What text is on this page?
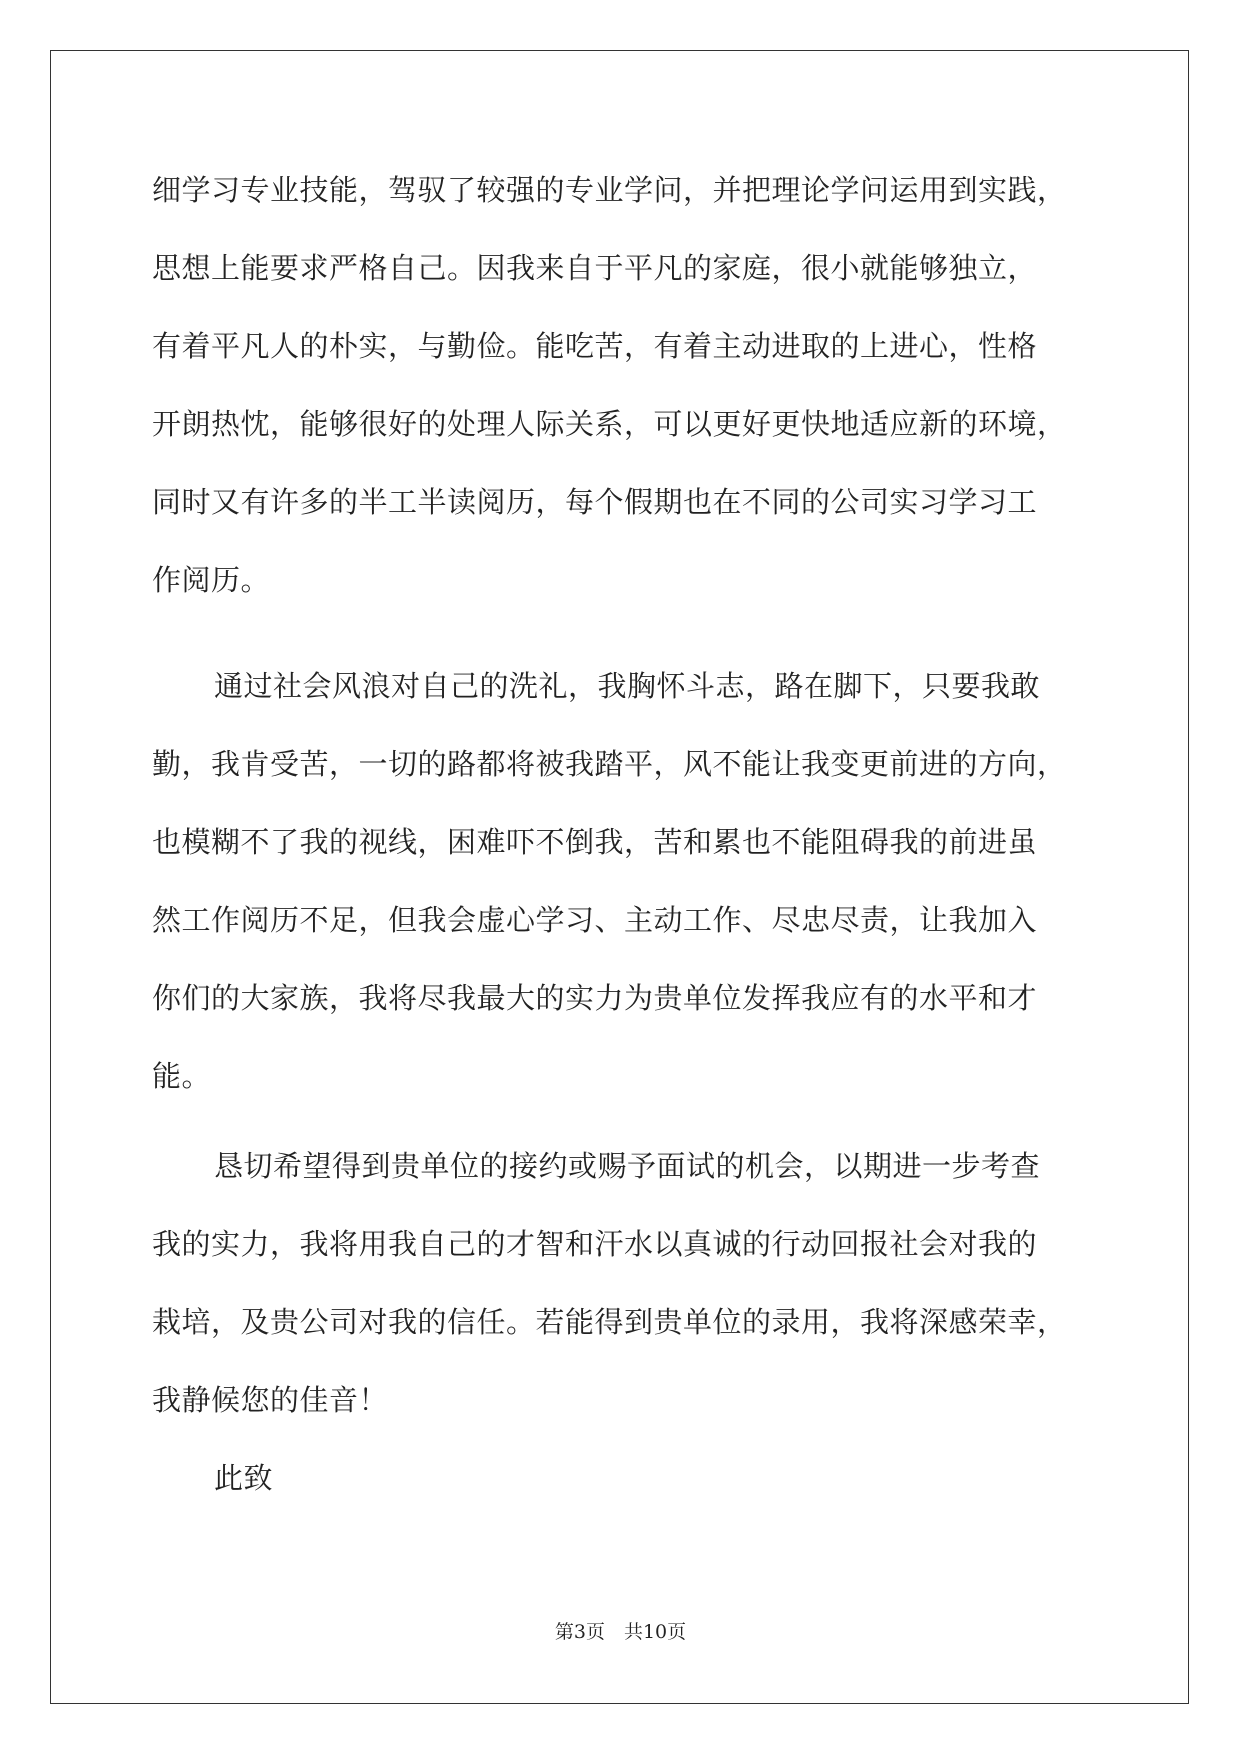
细学习专业技能，驾驭了较强的专业学问，并把理论学问运用到实践，
思想上能要求严格自己。因我来自于平凡的家庭，很小就能够独立，
有着平凡人的朴实，与勤俭。能吃苦，有着主动进取的上进心，性格
开朗热忱，能够很好的处理人际关系，可以更好更快地适应新的环境，
同时又有许多的半工半读阅历，每个假期也在不同的公司实习学习工
作阅历。
通过社会风浪对自己的洗礼，我胸怀斗志，路在脚下，只要我敢
勤，我肯受苦，一切的路都将被我踏平，风不能让我变更前进的方向，
也模糊不了我的视线，困难吓不倒我，苦和累也不能阻碍我的前进虽
然工作阅历不足，但我会虚心学习、主动工作、尽忠尽责，让我加入
你们的大家族，我将尽我最大的实力为贵单位发挥我应有的水平和才
能。
恳切希望得到贵单位的接约或赐予面试的机会，以期进一步考查
我的实力，我将用我自己的才智和汗水以真诚的行动回报社会对我的
栽培，及贵公司对我的信任。若能得到贵单位的录用，我将深感荣幸，
我静候您的佳音！
此致
第3页　共10页
